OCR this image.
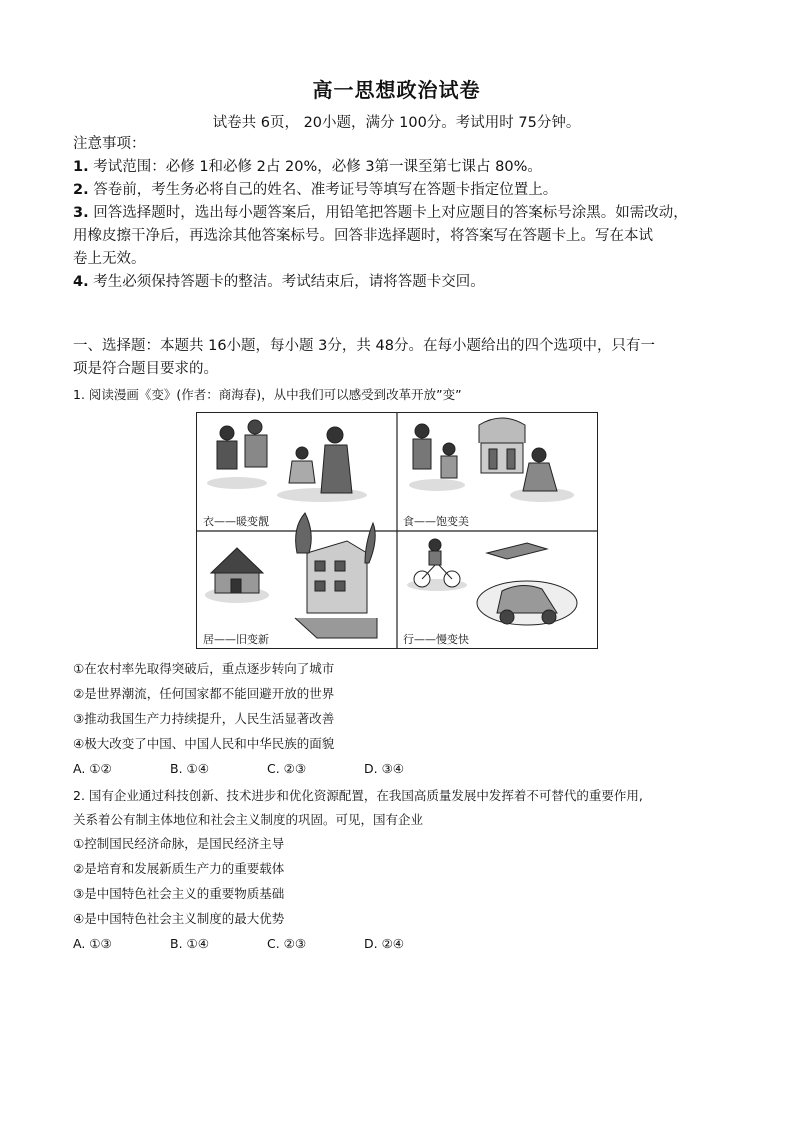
高一思想政治试卷
试卷共 6页， 20小题，满分 100分。考试用时 75分钟。
注意事项：
1. 考试范围：必修 1和必修 2占 20%，必修 3第一课至第七课占 80%。
2. 答卷前，考生务必将自己的姓名、准考证号等填写在答题卡指定位置上。
3. 回答选择题时，选出每小题答案后，用铅笔把答题卡上对应题目的答案标号涂黑。如需改动，
用橡皮擦干净后，再选涂其他答案标号。回答非选择题时，将答案写在答题卡上。写在本试
卷上无效。
4. 考生必须保持答题卡的整洁。考试结束后，请将答题卡交回。
一、选择题：本题共 16小题，每小题 3分，共 48分。在每小题给出的四个选项中，只有一
项是符合题目要求的。
1. 阅读漫画《变》(作者：商海春)，从中我们可以感受到改革开放”变”
衣——暖变靓	食——饱变美
居——旧变新	行——慢变快
①在农村率先取得突破后，重点逐步转向了城市
②是世界潮流，任何国家都不能回避开放的世界
③推动我国生产力持续提升，人民生活显著改善
④极大改变了中国、中国人民和中华民族的面貌
A. ①②	B. ①④	C. ②③	D. ③④
2. 国有企业通过科技创新、技术进步和优化资源配置，在我国高质量发展中发挥着不可替代的重要作用,
关系着公有制主体地位和社会主义制度的巩固。可见，国有企业
①控制国民经济命脉，是国民经济主导
②是培育和发展新质生产力的重要载体
③是中国特色社会主义的重要物质基础
④是中国特色社会主义制度的最大优势
A. ①③	B. ①④	C. ②③	D. ②④
